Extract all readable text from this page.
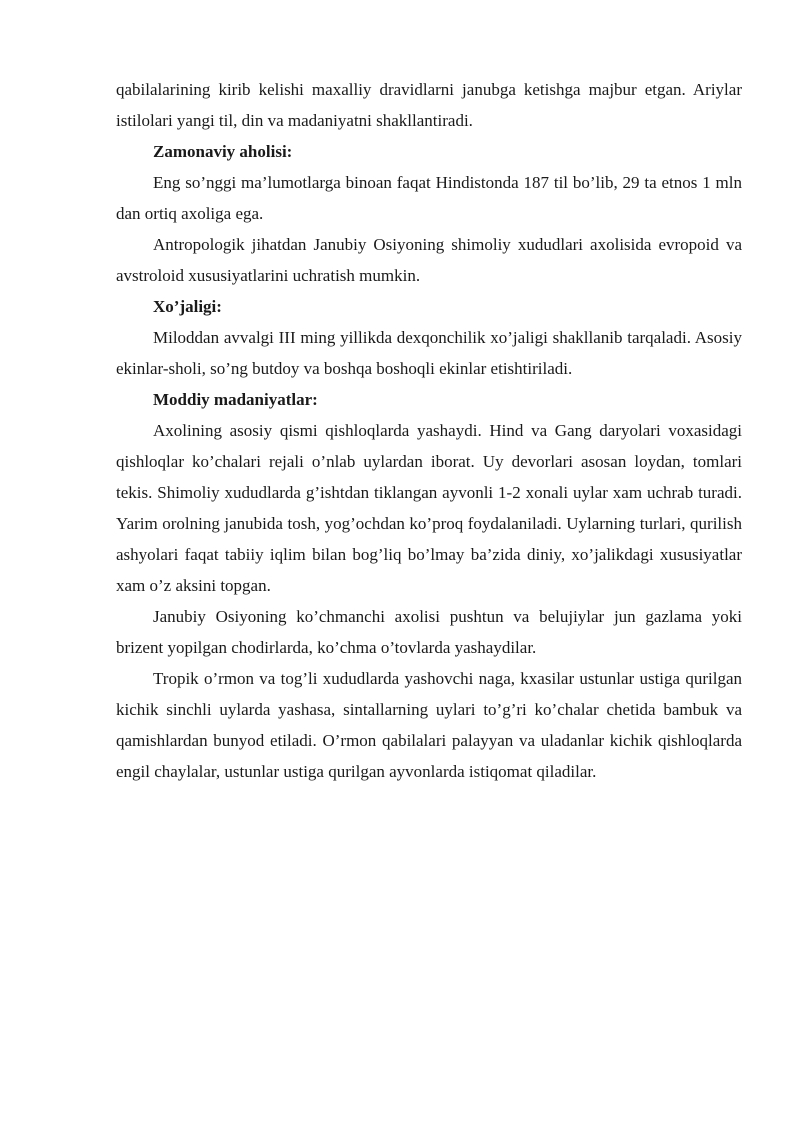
qabilalarining kirib kelishi maxalliy dravidlarni janubga ketishga majbur etgan. Ariylar istilolari yangi til, din va madaniyatni shakllantiradi.

Zamonaviy aholisi:

Eng so’nggi ma’lumotlarga binoan faqat Hindistonda 187 til bo’lib, 29 ta etnos 1 mln dan ortiq axoliga ega.

Antropologik jihatdan Janubiy Osiyoning shimoliy xududlari axolisida evropoid va avstroloid xususiyatlarini uchratish mumkin.

Xo’jaligi:

Miloddan avvalgi III ming yillikda dexqonchilik xo’jaligi shakllanib tarqaladi. Asosiy ekinlar-sholi, so’ng butdoy va boshqa boshoqli ekinlar etishtiriladi.

Moddiy madaniyatlar:

Axolining asosiy qismi qishloqlarda yashaydi. Hind va Gang daryolari voxasidagi qishloqlar ko’chalari rejali o’nlab uylardan iborat. Uy devorlari asosan loydan, tomlari tekis. Shimoliy xududlarda g’ishtdan tiklangan ayvonli 1-2 xonali uylar xam uchrab turadi. Yarim orolning janubida tosh, yog’ochdan ko’proq foydalaniladi. Uylarning turlari, qurilish ashyolari faqat tabiiy iqlim bilan bog’liq bo’lmay ba’zida diniy, xo’jalikdagi xususiyatlar xam o’z aksini topgan.

Janubiy Osiyoning ko’chmanchi axolisi pushtun va belujiylar jun gazlama yoki brizent yopilgan chodirlarda, ko’chma o’tovlarda yashaydilar.

Tropik o’rmon va tog’li xududlarda yashovchi naga, kxasilar ustunlar ustiga qurilgan kichik sinchli uylarda yashasa, sintallarning uylari to’g’ri ko’chalar chetida bambuk va qamishlardan bunyod etiladi. O’rmon qabilalari palayyan va uladanlar kichik qishloqlarda engil chaylalar, ustunlar ustiga qurilgan ayvonlarda istiqomat qiladilar.
